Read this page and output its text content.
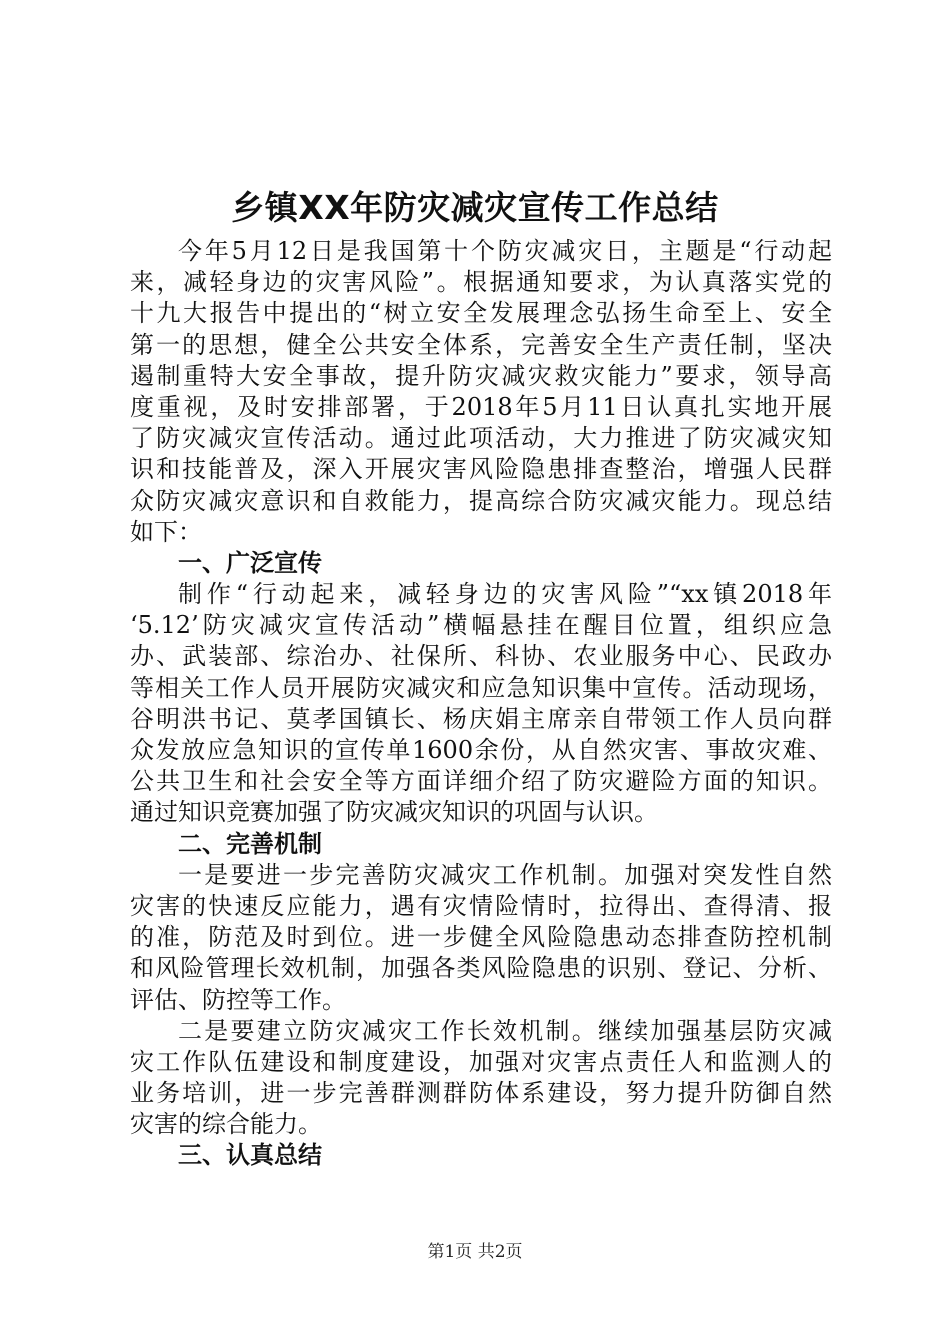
乡镇XX年防灾减灾宣传工作总结
今年5月12日是我国第十个防灾减灾日，主题是“行动起
来，减轻身边的灾害风险”。根据通知要求，为认真落实党的
十九大报告中提出的“树立安全发展理念弘扬生命至上、安全
第一的思想，健全公共安全体系，完善安全生产责任制，坚决
遏制重特大安全事故，提升防灾减灾救灾能力”要求，领导高
度重视，及时安排部署，于2018年5月11日认真扎实地开展
了防灾减灾宣传活动。通过此项活动，大力推进了防灾减灾知
识和技能普及，深入开展灾害风险隐患排查整治，增强人民群
众防灾减灾意识和自救能力，提高综合防灾减灾能力。现总结
如下：
一、广泛宣传
制作“行动起来，减轻身边的灾害风险”“xx镇2018年
‘5.12’防灾减灾宣传活动”横幅悬挂在醒目位置，组织应急
办、武装部、综治办、社保所、科协、农业服务中心、民政办
等相关工作人员开展防灾减灾和应急知识集中宣传。活动现场，
谷明洪书记、莫孝国镇长、杨庆娟主席亲自带领工作人员向群
众发放应急知识的宣传单1600余份，从自然灾害、事故灾难、
公共卫生和社会安全等方面详细介绍了防灾避险方面的知识。
通过知识竞赛加强了防灾减灾知识的巩固与认识。
二、完善机制
一是要进一步完善防灾减灾工作机制。加强对突发性自然
灾害的快速反应能力，遇有灾情险情时，拉得出、查得清、报
的准，防范及时到位。进一步健全风险隐患动态排查防控机制
和风险管理长效机制，加强各类风险隐患的识别、登记、分析、
评估、防控等工作。
二是要建立防灾减灾工作长效机制。继续加强基层防灾减
灾工作队伍建设和制度建设，加强对灾害点责任人和监测人的
业务培训，进一步完善群测群防体系建设，努力提升防御自然
灾害的综合能力。
三、认真总结
第1页 共2页
